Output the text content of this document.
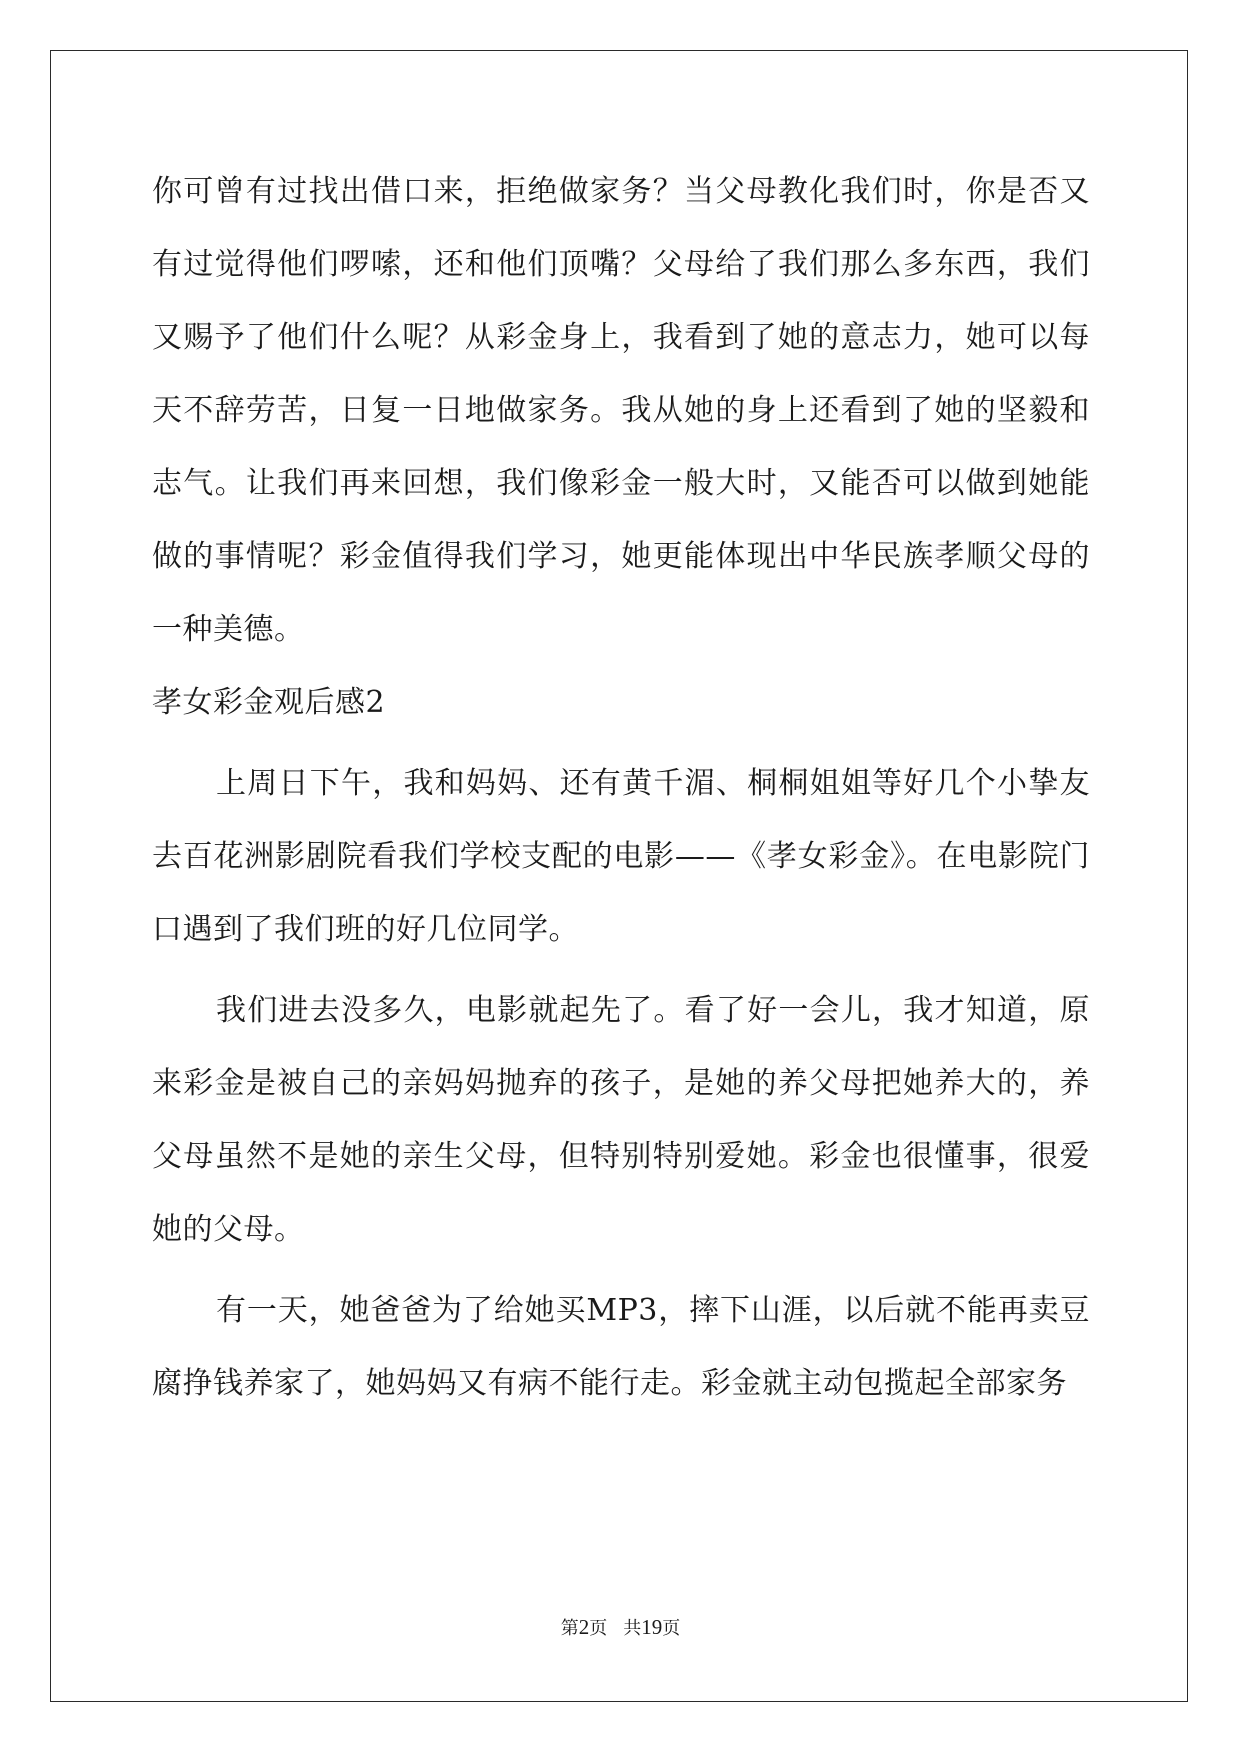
你可曾有过找出借口来，拒绝做家务？当父母教化我们时，你是否又有过觉得他们啰嗦，还和他们顶嘴？父母给了我们那么多东西，我们又赐予了他们什么呢？从彩金身上，我看到了她的意志力，她可以每天不辞劳苦，日复一日地做家务。我从她的身上还看到了她的坚毅和志气。让我们再来回想，我们像彩金一般大时，又能否可以做到她能做的事情呢？彩金值得我们学习，她更能体现出中华民族孝顺父母的一种美德。

孝女彩金观后感2

上周日下午，我和妈妈、还有黄千湄、桐桐姐姐等好几个小挚友去百花洲影剧院看我们学校支配的电影——《孝女彩金》。在电影院门口遇到了我们班的好几位同学。

我们进去没多久，电影就起先了。看了好一会儿，我才知道，原来彩金是被自己的亲妈妈抛弃的孩子，是她的养父母把她养大的，养父母虽然不是她的亲生父母，但特别特别爱她。彩金也很懂事，很爱她的父母。

有一天，她爸爸为了给她买MP3，摔下山涯，以后就不能再卖豆腐挣钱养家了，她妈妈又有病不能行走。彩金就主动包揽起全部家务

第2页 共19页
